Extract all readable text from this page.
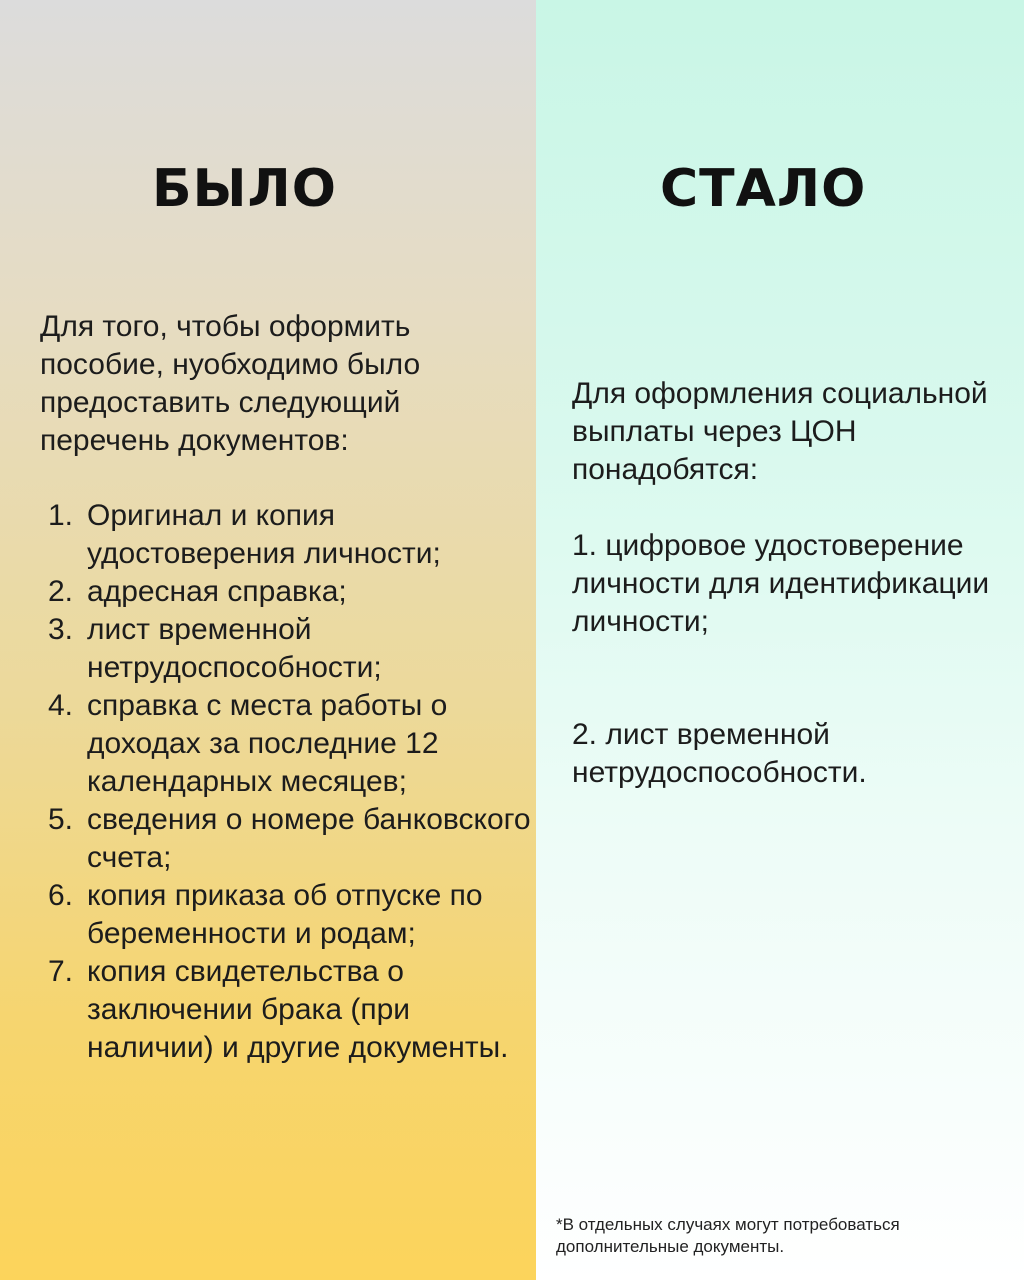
БЫЛО

Для того, чтобы оформить пособие, нуобходимо было предоставить следующий перечень документов:

1. Оригинал и копия удостоверения личности;
2. адресная справка;
3. лист временной нетрудоспособности;
4. справка с места работы о доходах за последние 12 календарных месяцев;
5. сведения о номере банковского счета;
6. копия приказа об отпуске по беременности и родам;
7. копия свидетельства о заключении брака (при наличии) и другие документы.
СТАЛО

Для оформления социальной выплаты через ЦОН понадобятся:

1. цифровое удостоверение личности для идентификации личности;

2. лист временной нетрудоспособности.

*В отдельных случаях могут потребоваться дополнительные документы.
